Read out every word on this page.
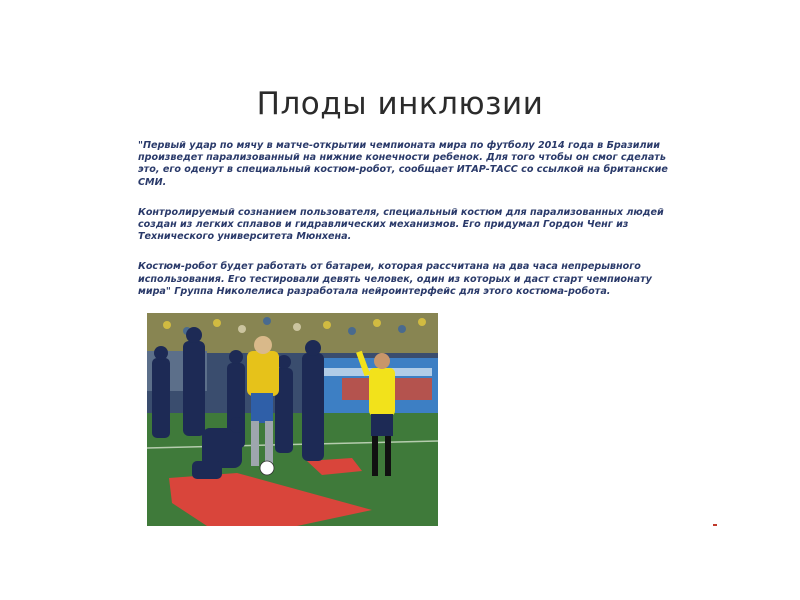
Плоды инклюзии

"Первый удар по мячу в матче-открытии чемпионата мира по футболу 2014 года в Бразилии произведет парализованный на нижние конечности ребенок. Для того чтобы он смог сделать это, его оденут в специальный костюм-робот, сообщает ИТАР-ТАСС со ссылкой на британские СМИ.

Контролируемый сознанием пользователя, специальный костюм для парализованных людей создан из легких сплавов и гидравлических механизмов. Его придумал Гордон Ченг из Технического университета Мюнхена.

Костюм-робот будет работать от батареи, которая рассчитана на два часа непрерывного использования. Его тестировали девять человек, один из которых и даст старт чемпионату мира" Группа Николелиса разработала нейроинтерфейс для этого костюма-робота.
